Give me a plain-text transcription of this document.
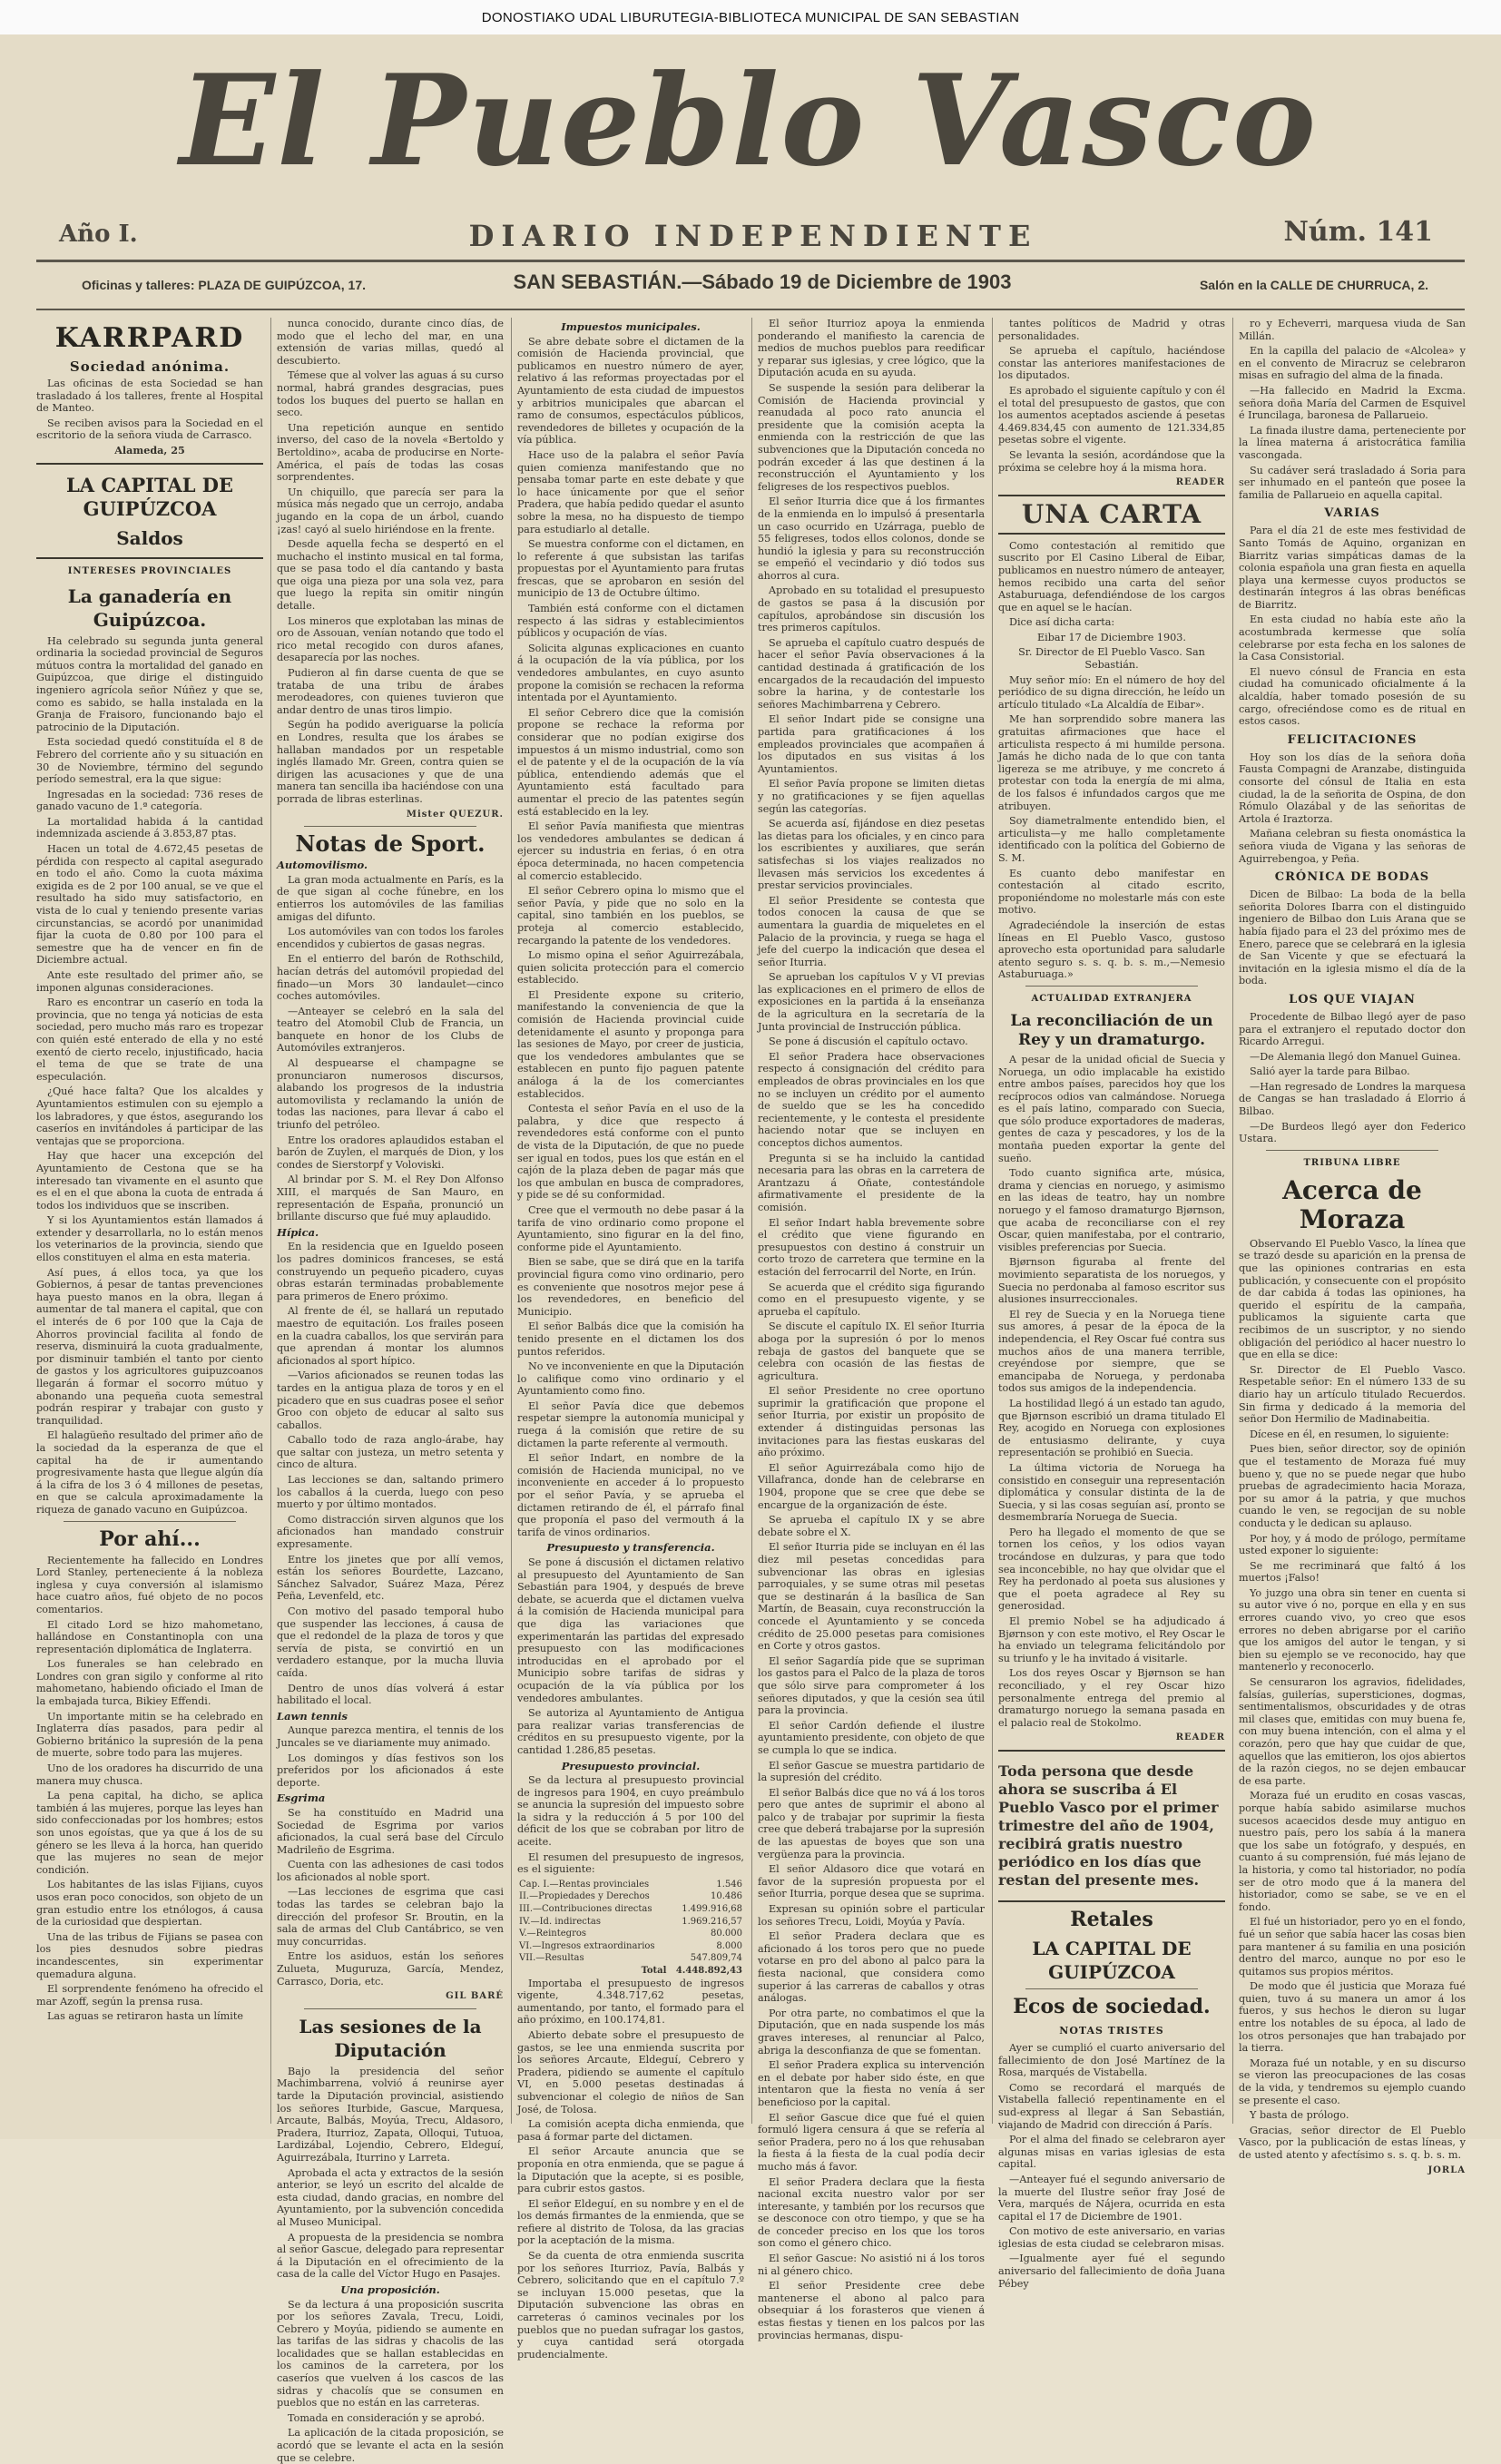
DONOSTIAKO UDAL LIBURUTEGIA-BIBLIOTECA MUNICIPAL DE SAN SEBASTIAN
El Pueblo Vasco
Año I.	DIARIO INDEPENDIENTE	Núm. 141
Oficinas y talleres: PLAZA DE GUIPÚZCOA, 17.	SAN SEBASTIÁN.—Sábado 19 de Diciembre de 1903	Salón en la CALLE DE CHURRUCA, 2.
KARRPARD
Sociedad anónima.

Las oficinas de esta Sociedad se han trasladado á los talleres, frente al Hospital de Manteo.

Se reciben avisos para la Sociedad en el escritorio de la señora viuda de Carrasco.

Alameda, 25

LA CAPITAL DE GUIPÚZCOA
Saldos
INTERESES PROVINCIALES
La ganadería en Guipúzcoa.

Ha celebrado su segunda junta general ordinaria la sociedad provincial de Seguros mútuos contra la mortalidad del ganado en Guipúzcoa, que dirige el distinguido ingeniero agrícola señor Núñez y que se, como es sabido, se halla instalada en la Granja de Fraisoro, funcionando bajo el patrocinio de la Diputación.

Esta sociedad quedó constituída el 8 de Febrero del corriente año y su situación en 30 de Noviembre, término del segundo período semestral, era la que sigue:

Ingresadas en la sociedad: 736 reses de ganado vacuno de 1.ª categoría.

La mortalidad habida á la cantidad indemnizada asciende á 3.853,87 ptas.

Hacen un total de 4.672,45 pesetas de pérdida con respecto al capital asegurado en todo el año. Como la cuota máxima exigida es de 2 por 100 anual, se ve que el resultado ha sido muy satisfactorio, en vista de lo cual y teniendo presente varias circunstancias, se acordó por unanimidad fijar la cuota de 0.80 por 100 para el semestre que ha de vencer en fin de Diciembre actual.

Ante este resultado del primer año, se imponen algunas consideraciones.

Raro es encontrar un caserío en toda la provincia, que no tenga yá noticias de esta sociedad, pero mucho más raro es tropezar con quién esté enterado de ella y no esté exentó de cierto recelo, injustificado, hacia el tema de que se trate de una especulación.

¿Qué hace falta? Que los alcaldes y Ayuntamientos estimulen con su ejemplo a los labradores, y que éstos, asegurando los caseríos en invitándoles á participar de las ventajas que se proporciona.

Hay que hacer una excepción del Ayuntamiento de Cestona que se ha interesado tan vivamente en el asunto que es el en el que abona la cuota de entrada á todos los individuos que se inscriben.

Y si los Ayuntamientos están llamados á extender y desarrollarla, no lo están menos los veterinarios de la provincia, siendo que ellos constituyen el alma en esta materia.

Así pues, á ellos toca, ya que los Gobiernos, á pesar de tantas prevenciones haya puesto manos en la obra, llegan á aumentar de tal manera el capital, que con el interés de 6 por 100 que la Caja de Ahorros provincial facilita al fondo de reserva, disminuirá la cuota gradualmente, por disminuir también el tanto por ciento de gastos y los agricultores guipuzcoanos llegarán á formar el socorro mútuo y abonando una pequeña cuota semestral podrán respirar y trabajar con gusto y tranquilidad.

El halagüeño resultado del primer año de la sociedad da la esperanza de que el capital ha de ir aumentando progresivamente hasta que llegue algún día á la cifra de los 3 ó 4 millones de pesetas, en que se calcula aproximadamente la riqueza de ganado vacuno en Guipúzcoa.

Por ahí...

Recientemente ha fallecido en Londres Lord Stanley, perteneciente á la nobleza inglesa y cuya conversión al islamismo hace cuatro años, fué objeto de no pocos comentarios.

El citado Lord se hizo mahometano, hallándose en Constantinopla con una representación diplomática de Inglaterra.

Los funerales se han celebrado en Londres con gran sigilo y conforme al rito mahometano, habiendo oficiado el Iman de la embajada turca, Bikiey Effendi.

Un importante mitin se ha celebrado en Inglaterra días pasados, para pedir al Gobierno británico la supresión de la pena de muerte, sobre todo para las mujeres.

Uno de los oradores ha discurrido de una manera muy chusca.

La pena capital, ha dicho, se aplica también á las mujeres, porque las leyes han sido confeccionadas por los hombres; estos son unos egoístas, que ya que á los de su género se les lleva á la horca, han querido que las mujeres no sean de mejor condición.

Los habitantes de las islas Fijians, cuyos usos eran poco conocidos, son objeto de un gran estudio entre los etnólogos, á causa de la curiosidad que despiertan.

Una de las tribus de Fijians se pasea con los pies desnudos sobre piedras incandescentes, sin experimentar quemadura alguna.

El sorprendente fenómeno ha ofrecido el mar Azoff, según la prensa rusa.

Las aguas se retiraron hasta un límite

nunca conocido, durante cinco días, de modo que el lecho del mar, en una extensión de varias millas, quedó al descubierto.

Témese que al volver las aguas á su curso normal, habrá grandes desgracias, pues todos los buques del puerto se hallan en seco.

Una repetición aunque en sentido inverso, del caso de la novela «Bertoldo y Bertoldino», acaba de producirse en Norte-América, el país de todas las cosas sorprendentes.

Un chiquillo, que parecía ser para la música más negado que un cerrojo, andaba jugando en la copa de un árbol, cuando ¡zas! cayó al suelo hiriéndose en la frente.

Desde aquella fecha se despertó en el muchacho el instinto musical en tal forma, que se pasa todo el día cantando y basta que oiga una pieza por una sola vez, para que luego la repita sin omitir ningún detalle.

Los mineros que explotaban las minas de oro de Assouan, venían notando que todo el rico metal recogido con duros afanes, desaparecía por las noches.

Pudieron al fin darse cuenta de que se trataba de una tribu de árabes merodeadores, con quienes tuvieron que andar dentro de unas tiros limpio.

Según ha podido averiguarse la policía en Londres, resulta que los árabes se hallaban mandados por un respetable inglés llamado Mr. Green, contra quien se dirigen las acusaciones y que de una manera tan sencilla iba haciéndose con una porrada de libras esterlinas.

Mister QUEZUR.

Notas de Sport.
Automovilismo.

La gran moda actualmente en París, es la de que sigan al coche fúnebre, en los entierros los automóviles de las familias amigas del difunto.

Los automóviles van con todos los faroles encendidos y cubiertos de gasas negras.

En el entierro del barón de Rothschild, hacían detrás del automóvil propiedad del finado—un Mors 30 landaulet—cinco coches automóviles.

—Anteayer se celebró en la sala del teatro del Atomobil Club de Francia, un banquete en honor de los Clubs de Automóviles extranjeros.

Al despuearse el champagne se pronunciaron numerosos discursos, alabando los progresos de la industria automovilista y reclamando la unión de todas las naciones, para llevar á cabo el triunfo del petróleo.

Entre los oradores aplaudidos estaban el barón de Zuylen, el marqués de Dion, y los condes de Sierstorpf y Voloviski.

Al brindar por S. M. el Rey Don Alfonso XIII, el marqués de San Mauro, en representación de España, pronunció un brillante discurso que fué muy aplaudido.

Hípica.

En la residencia que en Igueldo poseen los padres dominicos franceses, se está construyendo un pequeño picadero, cuyas obras estarán terminadas probablemente para primeros de Enero próximo.

Al frente de él, se hallará un reputado maestro de equitación. Los frailes poseen en la cuadra caballos, los que servirán para que aprendan á montar los alumnos aficionados al sport hípico.

—Varios aficionados se reunen todas las tardes en la antigua plaza de toros y en el picadero que en sus cuadras posee el señor Groo con objeto de educar al salto sus caballos.

Caballo todo de raza anglo-árabe, hay que saltar con justeza, un metro setenta y cinco de altura.

Las lecciones se dan, saltando primero los caballos á la cuerda, luego con peso muerto y por último montados.

Como distracción sirven algunos que los aficionados han mandado construir expresamente.

Entre los jinetes que por allí vemos, están los señores Bourdette, Lazcano, Sánchez Salvador, Suárez Maza, Pérez Peña, Levenfeld, etc.

Con motivo del pasado temporal hubo que suspender las lecciones, á causa de que el redondel de la plaza de toros y que servía de pista, se convirtió en un verdadero estanque, por la mucha lluvia caída.

Dentro de unos días volverá á estar habilitado el local.

Lawn tennis

Aunque parezca mentira, el tennis de los Juncales se ve diariamente muy animado.

Los domingos y días festivos son los preferidos por los aficionados á este deporte.

Esgrima

Se ha constituído en Madrid una Sociedad de Esgrima por varios aficionados, la cual será base del Círculo Madrileño de Esgrima.

Cuenta con las adhesiones de casi todos los aficionados al noble sport.

—Las lecciones de esgrima que casi todas las tardes se celebran bajo la dirección del profesor Sr. Broutin, en la sala de armas del Club Cantábrico, se ven muy concurridas.

Entre los asiduos, están los señores Zulueta, Muguruza, García, Mendez, Carrasco, Doria, etc.

GIL BARÉ

Las sesiones de la Diputación

Bajo la presidencia del señor Machimbarrena, volvió á reunirse ayer tarde la Diputación provincial, asistiendo los señores Iturbide, Gascue, Marquesa, Arcaute, Balbás, Moyúa, Trecu, Aldasoro, Pradera, Iturrioz, Zapata, Olloqui, Tutuoa, Lardizábal, Lojendio, Cebrero, Eldeguí, Aguirrezábala, Iturrino y Larreta.

Aprobada el acta y extractos de la sesión anterior, se leyó un escrito del alcalde de esta ciudad, dando gracias, en nombre del Ayuntamiento, por la subvención concedida al Museo Municipal.

A propuesta de la presidencia se nombra al señor Gascue, delegado para representar á la Diputación en el ofrecimiento de la casa de la calle del Víctor Hugo en Pasajes.

Una proposición.

Se da lectura á una proposición suscrita por los señores Zavala, Trecu, Loidi, Cebrero y Moyúa, pidiendo se aumente en las tarifas de las sidras y chacolis de las localidades que se hallan establecidas en los caminos de la carretera, por los caseríos que vuelven á los cascos de las sidras y chacolís que se consumen en pueblos que no están en las carreteras.

Tomada en consideración y se aprobó.

La aplicación de la citada proposición, se acordó que se levante el acta en la sesión que se celebre.

Impuestos municipales.

Se abre debate sobre el dictamen de la comisión de Hacienda provincial, que publicamos en nuestro número de ayer, relativo á las reformas proyectadas por el Ayuntamiento de esta ciudad de impuestos y arbitrios municipales que abarcan el ramo de consumos, espectáculos públicos, revendedores de billetes y ocupación de la vía pública.

Hace uso de la palabra el señor Pavía quien comienza manifestando que no pensaba tomar parte en este debate y que lo hace únicamente por que el señor Pradera, que había pedido quedar el asunto sobre la mesa, no ha dispuesto de tiempo para estudiarlo al detalle.

Se muestra conforme con el dictamen, en lo referente á que subsistan las tarifas propuestas por el Ayuntamiento para frutas frescas, que se aprobaron en sesión del municipio de 13 de Octubre último.

También está conforme con el dictamen respecto á las sidras y establecimientos públicos y ocupación de vías.

Solicita algunas explicaciones en cuanto á la ocupación de la vía pública, por los vendedores ambulantes, en cuyo asunto propone la comisión se rechacen la reforma intentada por el Ayuntamiento.

El señor Cebrero dice que la comisión propone se rechace la reforma por considerar que no podían exigirse dos impuestos á un mismo industrial, como son el de patente y el de la ocupación de la vía pública, entendiendo además que el Ayuntamiento está facultado para aumentar el precio de las patentes según está establecido en la ley.

El señor Pavía manifiesta que mientras los vendedores ambulantes se dedican á ejercer su industria en ferias, ó en otra época determinada, no hacen competencia al comercio establecido.

El señor Cebrero opina lo mismo que el señor Pavía, y pide que no solo en la capital, sino también en los pueblos, se proteja al comercio establecido, recargando la patente de los vendedores.

Lo mismo opina el señor Aguirrezábala, quien solicita protección para el comercio establecido.

El Presidente expone su criterio, manifestando la conveniencia de que la comisión de Hacienda provincial cuide detenidamente el asunto y proponga para las sesiones de Mayo, por creer de justicia, que los vendedores ambulantes que se establecen en punto fijo paguen patente análoga á la de los comerciantes establecidos.

Contesta el señor Pavía en el uso de la palabra, y dice que respecto á revendedores está conforme con el punto de vista de la Diputación, de que no puede ser igual en todos, pues los que están en el cajón de la plaza deben de pagar más que los que ambulan en busca de compradores, y pide se dé su conformidad.

Cree que el vermouth no debe pasar á la tarifa de vino ordinario como propone el Ayuntamiento, sino figurar en la del fino, conforme pide el Ayuntamiento.

Bien se sabe, que se dirá que en la tarifa provincial figura como vino ordinario, pero es conveniente que nosotros mejor pese á los revendedores, en beneficio del Municipio.

El señor Balbás dice que la comisión ha tenido presente en el dictamen los dos puntos referidos.

No ve inconveniente en que la Diputación lo califique como vino ordinario y el Ayuntamiento como fino.

El señor Pavía dice que debemos respetar siempre la autonomía municipal y ruega á la comisión que retire de su dictamen la parte referente al vermouth.

El señor Indart, en nombre de la comisión de Hacienda municipal, no ve inconveniente en acceder á lo propuesto por el señor Pavía, y se aprueba el dictamen retirando de él, el párrafo final que proponía el paso del vermouth á la tarifa de vinos ordinarios.

Presupuesto y transferencia.

Se pone á discusión el dictamen relativo al presupuesto del Ayuntamiento de San Sebastián para 1904, y después de breve debate, se acuerda que el dictamen vuelva á la comisión de Hacienda municipal para que diga las variaciones que experimentarán las partidas del expresado presupuesto con las modificaciones introducidas en el aprobado por el Municipio sobre tarifas de sidras y ocupación de la vía pública por los vendedores ambulantes.

Se autoriza al Ayuntamiento de Antigua para realizar varias transferencias de créditos en su presupuesto vigente, por la cantidad 1.286,85 pesetas.

Presupuesto provincial.

Se da lectura al presupuesto provincial de ingresos para 1904, en cuyo preámbulo se anuncia la supresión del impuesto sobre la sidra y la reducción á 5 por 100 del déficit de los que se cobraban por litro de aceite.

El resumen del presupuesto de ingresos, es el siguiente:

Cap. I.—Rentas provinciales	1.546
II.—Propiedades y Derechos	10.486
III.—Contribuciones directas	1.499.916,68
IV.—Id. indirectas	1.969.216,57
V.—Reintegros	80.000
VI.—Ingresos extraordinarios	8.000
VII.—Resultas	547.809,74
Total	4.448.892,43

Importaba el presupuesto de ingresos vigente, 4.348.717,62 pesetas, aumentando, por tanto, el formado para el año próximo, en 100.174,81.

Abierto debate sobre el presupuesto de gastos, se lee una enmienda suscrita por los señores Arcaute, Eldeguí, Cebrero y Pradera, pidiendo se aumente el capítulo VI, en 5.000 pesetas destinadas á subvencionar el colegio de niños de San José, de Tolosa.

La comisión acepta dicha enmienda, que pasa á formar parte del dictamen.

El señor Arcaute anuncia que se proponía en otra enmienda, que se pague á la Diputación que la acepte, si es posible, para cubrir estos gastos.

El señor Eldeguí, en su nombre y en el de los demás firmantes de la enmienda, que se refiere al distrito de Tolosa, da las gracias por la aceptación de la misma.

Se da cuenta de otra enmienda suscrita por los señores Iturrioz, Pavía, Balbás y Cebrero, solicitando que en el capítulo 7.º se incluyan 15.000 pesetas, que la Diputación subvencione las obras en carreteras ó caminos vecinales por los pueblos que no puedan sufragar los gastos, y cuya cantidad será otorgada prudencialmente.

El señor Iturrioz apoya la enmienda ponderando el manifiesto la carencia de medios de muchos pueblos para reedificar y reparar sus iglesias, y cree lógico, que la Diputación acuda en su ayuda.

Se suspende la sesión para deliberar la Comisión de Hacienda provincial y reanudada al poco rato anuncia el presidente que la comisión acepta la enmienda con la restricción de que las subvenciones que la Diputación conceda no podrán exceder á las que destinen á la reconstrucción el Ayuntamiento y los feligreses de los respectivos pueblos.

El señor Iturria dice que á los firmantes de la enmienda en lo impulsó á presentarla un caso ocurrido en Uzárraga, pueblo de 55 feligreses, todos ellos colonos, donde se hundió la iglesia y para su reconstrucción se empeñó el vecindario y dió todos sus ahorros al cura.

Aprobado en su totalidad el presupuesto de gastos se pasa á la discusión por capítulos, aprobándose sin discusión los tres primeros capítulos.

Se aprueba el capítulo cuatro después de hacer el señor Pavía observaciones á la cantidad destinada á gratificación de los encargados de la recaudación del impuesto sobre la harina, y de contestarle los señores Machimbarrena y Cebrero.

El señor Indart pide se consigne una partida para gratificaciones á los empleados provinciales que acompañen á los diputados en sus visitas á los Ayuntamientos.

El señor Pavía propone se limiten dietas y no gratificaciones y se fijen aquellas según las categorías.

Se acuerda así, fijándose en diez pesetas las dietas para los oficiales, y en cinco para los escribientes y auxiliares, que serán satisfechas si los viajes realizados no llevasen más servicios los excedentes á prestar servicios provinciales.

El señor Presidente se contesta que todos conocen la causa de que se aumentara la guardia de miqueletes en el Palacio de la provincia, y ruega se haga el jefe del cuerpo la indicación que desea el señor Iturria.

Se aprueban los capítulos V y VI previas las explicaciones en el primero de ellos de exposiciones en la partida á la enseñanza de la agricultura en la secretaría de la Junta provincial de Instrucción pública.

Se pone á discusión el capítulo octavo.

El señor Pradera hace observaciones respecto á consignación del crédito para empleados de obras provinciales en los que no se incluyen un crédito por el aumento de sueldo que se les ha concedido recientemente, y le contesta el presidente haciendo notar que se incluyen en conceptos dichos aumentos.

Pregunta si se ha incluido la cantidad necesaria para las obras en la carretera de Arantzazu á Oñate, contestándole afirmativamente el presidente de la comisión.

El señor Indart habla brevemente sobre el crédito que viene figurando en presupuestos con destino á construir un corto trozo de carretera que termine en la estación del ferrocarril del Norte, en Irún.

Se acuerda que el crédito siga figurando como en el presupuesto vigente, y se aprueba el capítulo.

Se discute el capítulo IX. El señor Iturria aboga por la supresión ó por lo menos rebaja de gastos del banquete que se celebra con ocasión de las fiestas de agricultura.

El señor Presidente no cree oportuno suprimir la gratificación que propone el señor Iturria, por existir un propósito de extender á distinguidas personas las invitaciones para las fiestas euskaras del año próximo.

El señor Aguirrezábala como hijo de Villafranca, donde han de celebrarse en 1904, propone que se cree que debe se encargue de la organización de éste.

Se aprueba el capítulo IX y se abre debate sobre el X.

El señor Iturria pide se incluyan en él las diez mil pesetas concedidas para subvencionar las obras en iglesias parroquiales, y se sume otras mil pesetas que se destinarán á la basílica de San Martín, de Beasain, cuya reconstrucción la concede el Ayuntamiento y se conceda crédito de 25.000 pesetas para comisiones en Corte y otros gastos.

El señor Sagardía pide que se supriman los gastos para el Palco de la plaza de toros que sólo sirve para comprometer á los señores diputados, y que la cesión sea útil para la provincia.

El señor Cardón defiende el ilustre ayuntamiento presidente, con objeto de que se cumpla lo que se indica.

El señor Gascue se muestra partidario de la supresión del crédito.

El señor Balbás dice que no vá á los toros pero que antes de suprimir el abono al palco y de trabajar por suprimir la fiesta cree que deberá trabajarse por la supresión de las apuestas de boyes que son una vergüenza para la provincia.

El señor Aldasoro dice que votará en favor de la supresión propuesta por el señor Iturria, porque desea que se suprima.

Expresan su opinión sobre el particular los señores Trecu, Loidi, Moyúa y Pavía.

El señor Pradera declara que es aficionado á los toros pero que no puede votarse en pro del abono al palco para la fiesta nacional, que considera como superior á las carreras de caballos y otras análogas.

Por otra parte, no combatimos el que la Diputación, que en nada suspende los más graves intereses, al renunciar al Palco, abriga la desconfianza de que se fomentan.

El señor Pradera explica su intervención en el debate por haber sido éste, en que intentaron que la fiesta no venía á ser beneficioso por la capital.

El señor Gascue dice que fué el quien formuló ligera censura á que se refería al señor Pradera, pero no á los que rehusaban la fiesta á la fiesta de la cual podía decir mucho más á favor.

El señor Pradera declara que la fiesta nacional excita nuestro valor por ser interesante, y también por los recursos que se desconoce con otro tiempo, y que se ha de conceder preciso en los que los toros son como el género chico.

El señor Gascue: No asistió ni á los toros ni al género chico.

El señor Presidente cree debe mantenerse el abono al palco para obsequiar á los forasteros que vienen á estas fiestas y tienen en los palcos por las provincias hermanas, dispu-

tantes políticos de Madrid y otras personalidades.

Se aprueba el capítulo, haciéndose constar las anteriores manifestaciones de los diputados.

Es aprobado el siguiente capítulo y con él el total del presupuesto de gastos, que con los aumentos aceptados asciende á pesetas 4.469.834,45 con aumento de 121.334,85 pesetas sobre el vigente.

Se levanta la sesión, acordándose que la próxima se celebre hoy á la misma hora.

READER

UNA CARTA

Como contestación al remitido que suscrito por El Casino Liberal de Eibar, publicamos en nuestro número de anteayer, hemos recibido una carta del señor Astaburuaga, defendiéndose de los cargos que en aquel se le hacían.

Dice así dicha carta:

Eibar 17 de Diciembre 1903.

Sr. Director de El Pueblo Vasco. San Sebastián.

Muy señor mío: En el número de hoy del periódico de su digna dirección, he leído un artículo titulado «La Alcaldía de Eibar».

Me han sorprendido sobre manera las gratuitas afirmaciones que hace el articulista respecto á mi humilde persona. Jamás he dicho nada de lo que con tanta ligereza se me atribuye, y me concreto á protestar con toda la energía de mi alma, de los falsos é infundados cargos que me atribuyen.

Soy diametralmente entendido bien, el articulista—y me hallo completamente identificado con la política del Gobierno de S. M.

Es cuanto debo manifestar en contestación al citado escrito, proponiéndome no molestarle más con este motivo.

Agradeciéndole la inserción de estas líneas en El Pueblo Vasco, gustoso aprovecho esta oportunidad para saludarle atento seguro s. s. q. b. s. m.,—Nemesio Astaburuaga.»

ACTUALIDAD EXTRANJERA
La reconciliación de un Rey y un dramaturgo.

A pesar de la unidad oficial de Suecia y Noruega, un odio implacable ha existido entre ambos países, parecidos hoy que los recíprocos odios van calmándose. Noruega es el país latino, comparado con Suecia, que sólo produce exportadores de maderas, gentes de caza y pescadores, y los de la montaña pueden exportar la gente del sueño.

Todo cuanto significa arte, música, drama y ciencias en noruego, y asimismo en las ideas de teatro, hay un nombre noruego y el famoso dramaturgo Bjørnson, que acaba de reconciliarse con el rey Oscar, quien manifestaba, por el contrario, visibles preferencias por Suecia.

Bjørnson figuraba al frente del movimiento separatista de los noruegos, y Suecia no perdonaba al famoso escritor sus alusiones insurreccionales.

El rey de Suecia y en la Noruega tiene sus amores, á pesar de la época de la independencia, el Rey Oscar fué contra sus muchos años de una manera terrible, creyéndose por siempre, que se emancipaba de Noruega, y perdonaba todos sus amigos de la independencia.

La hostilidad llegó á un estado tan agudo, que Bjørnson escribió un drama titulado El Rey, acogido en Noruega con explosiones de entusiasmo delirante, y cuya representación se prohibió en Suecia.

La última victoria de Noruega ha consistido en conseguir una representación diplomática y consular distinta de la de Suecia, y si las cosas seguían así, pronto se desmembraría Noruega de Suecia.

Pero ha llegado el momento de que se tornen los ceños, y los odios vayan trocándose en dulzuras, y para que todo sea inconcebible, no hay que olvidar que el Rey ha perdonado al poeta sus alusiones y que el poeta agradece al Rey su generosidad.

El premio Nobel se ha adjudicado á Bjørnson y con este motivo, el Rey Oscar le ha enviado un telegrama felicitándolo por su triunfo y le ha invitado á visitarle.

Los dos reyes Oscar y Bjørnson se han reconciliado, y el rey Oscar hizo personalmente entrega del premio al dramaturgo noruego la semana pasada en el palacio real de Stokolmo.

READER

Toda persona que desde ahora se suscriba á El Pueblo Vasco por el primer trimestre del año de 1904, recibirá gratis nuestro periódico en los días que restan del presente mes.
Retales
LA CAPITAL DE GUIPÚZCOA
Ecos de sociedad.
NOTAS TRISTES

Ayer se cumplió el cuarto aniversario del fallecimiento de don José Martínez de la Rosa, marqués de Vistabella.

Como se recordará el marqués de Vistabella falleció repentinamente en el sud-express al llegar á San Sebastián, viajando de Madrid con dirección á París.

Por el alma del finado se celebraron ayer algunas misas en varias iglesias de esta capital.

—Anteayer fué el segundo aniversario de la muerte del Ilustre señor fray José de Vera, marqués de Nájera, ocurrida en esta capital el 17 de Diciembre de 1901.

Con motivo de este aniversario, en varias iglesias de esta ciudad se celebraron misas.

—Igualmente ayer fué el segundo aniversario del fallecimiento de doña Juana Pébey

ro y Echeverri, marquesa viuda de San Millán.

En la capilla del palacio de «Alcolea» y en el convento de Miracruz se celebraron misas en sufragio del alma de la finada.

—Ha fallecido en Madrid la Excma. señora doña María del Carmen de Esquivel é Iruncilaga, baronesa de Pallarueio.

La finada ilustre dama, perteneciente por la línea materna á aristocrática familia vascongada.

Su cadáver será trasladado á Soria para ser inhumado en el panteón que posee la familia de Pallarueio en aquella capital.

VARIAS

Para el día 21 de este mes festividad de Santo Tomás de Aquino, organizan en Biarritz varias simpáticas damas de la colonia española una gran fiesta en aquella playa una kermesse cuyos productos se destinarán íntegros á las obras benéficas de Biarritz.

En esta ciudad no había este año la acostumbrada kermesse que solía celebrarse por esta fecha en los salones de la Casa Consistorial.

El nuevo cónsul de Francia en esta ciudad ha comunicado oficialmente á la alcaldía, haber tomado posesión de su cargo, ofreciéndose como es de ritual en estos casos.

FELICITACIONES

Hoy son los días de la señora doña Fausta Compagni de Aranzabe, distinguida consorte del cónsul de Italia en esta ciudad, la de la señorita de Ospina, de don Rómulo Olazábal y de las señoritas de Artola é Iraztorza.

Mañana celebran su fiesta onomástica la señora viuda de Vigana y las señoras de Aguirrebengoa, y Peña.

CRÓNICA DE BODAS

Dicen de Bilbao: La boda de la bella señorita Dolores Ibarra con el distinguido ingeniero de Bilbao don Luis Arana que se había fijado para el 23 del próximo mes de Enero, parece que se celebrará en la iglesia de San Vicente y que se efectuará la invitación en la iglesia mismo el día de la boda.

LOS QUE VIAJAN

Procedente de Bilbao llegó ayer de paso para el extranjero el reputado doctor don Ricardo Arregui.

—De Alemania llegó don Manuel Guinea.

Salió ayer la tarde para Bilbao.

—Han regresado de Londres la marquesa de Cangas se han trasladado á Elorrio á Bilbao.

—De Burdeos llegó ayer don Federico Ustara.

TRIBUNA LIBRE
Acerca de Moraza

Observando El Pueblo Vasco, la línea que se trazó desde su aparición en la prensa de que las opiniones contrarias en esta publicación, y consecuente con el propósito de dar cabida á todas las opiniones, ha querido el espíritu de la campaña, publicamos la siguiente carta que recibimos de un suscriptor, y no siendo obligación del periódico al hacer nuestro lo que en ella se dice:

Sr. Director de El Pueblo Vasco. Respetable señor: En el número 133 de su diario hay un artículo titulado Recuerdos. Sin firma y dedicado á la memoria del señor Don Hermilio de Madinabeitia.

Dícese en él, en resumen, lo siguiente:

Pues bien, señor director, soy de opinión que el testamento de Moraza fué muy bueno y, que no se puede negar que hubo pruebas de agradecimiento hacia Moraza, por su amor á la patria, y que muchos cuando le ven, se regocijan de su noble conducta y le dedican su aplauso.

Por hoy, y á modo de prólogo, permítame usted exponer lo siguiente:

Se me recriminará que faltó á los muertos ¡Falso!

Yo juzgo una obra sin tener en cuenta si su autor vive ó no, porque en ella y en sus errores cuando vivo, yo creo que esos errores no deben abrigarse por el cariño que los amigos del autor le tengan, y si bien su ejemplo se ve reconocido, hay que mantenerlo y reconocerlo.

Se censuraron los agravios, fidelidades, falsías, guilerías, supersticiones, dogmas, sentimentalismos, obscuridades y de otras mil clases que, emitidas con muy buena fe, con muy buena intención, con el alma y el corazón, pero que hay que cuidar de que, aquellos que las emitieron, los ojos abiertos de la razón ciegos, no se dejen embaucar de esa parte.

Moraza fué un erudito en cosas vascas, porque había sabido asimilarse muchos sucesos acaecidos desde muy antiguo en nuestro país, pero los sabía á la manera que los sabe un fotógrafo, y después, en cuanto á su comprensión, fué más lejano de la historia, y como tal historiador, no podía ser de otro modo que á la manera del historiador, como se sabe, se ve en el fondo.

El fué un historiador, pero yo en el fondo, fué un señor que sabía hacer las cosas bien para mantener á su familia en una posición dentro del marco, aunque no por eso le quitamos sus propios méritos.

De modo que él justicia que Moraza fué quien, tuvo á su manera un amor á los fueros, y sus hechos le dieron su lugar entre los notables de su época, al lado de los otros personajes que han trabajado por la tierra.

Moraza fué un notable, y en su discurso se vieron las preocupaciones de las cosas de la vida, y tendremos su ejemplo cuando se presente el caso.

Y basta de prólogo.

Gracias, señor director de El Pueblo Vasco, por la publicación de estas líneas, y de usted atento y afectísimo s. s. q. b. s. m.

JORLA
